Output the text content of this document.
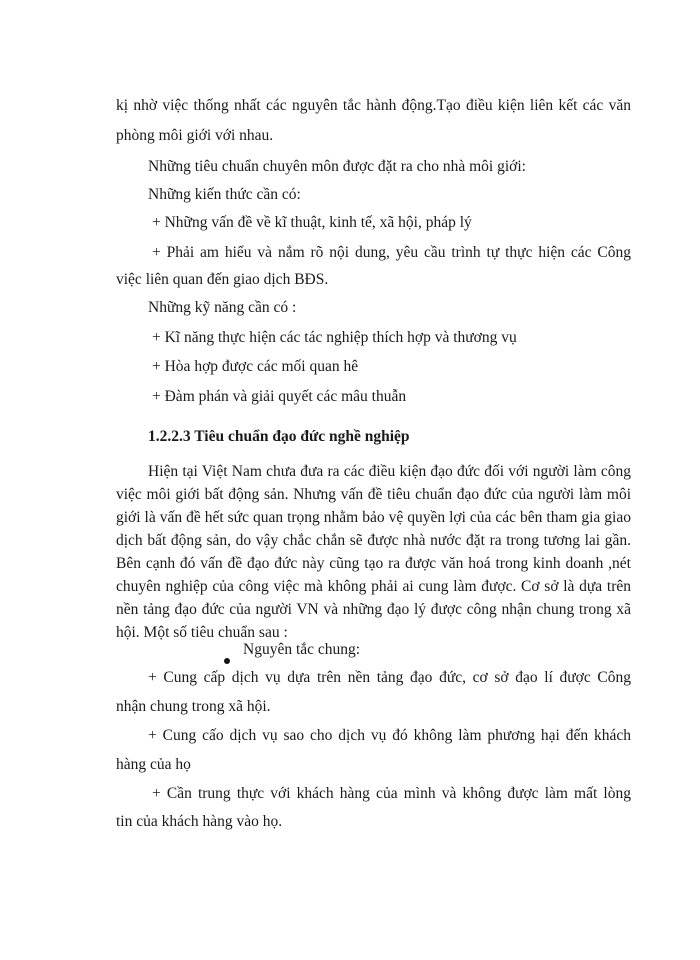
kị nhờ việc thống nhất các nguyên tắc hành động.Tạo điều kiện liên kết các văn
phòng môi giới với nhau.
Những tiêu chuẩn chuyên môn được đặt ra cho nhà môi giới:
Những kiến thức cần có:
+ Những vấn đề về kĩ thuật, kinh tế, xã hội, pháp lý
+ Phải am hiểu và nắm rõ nội dung, yêu cầu trình tự thực hiện các Công
việc liên quan đến giao dịch BĐS.
Những kỹ năng cần có :
+ Kĩ năng thực hiện các tác nghiệp thích hợp và thương vụ
+ Hòa hợp được các mối quan hê
+ Đàm phán và giải quyết các mâu thuẫn
1.2.2.3 Tiêu chuẩn đạo đức nghề nghiệp
Hiện tại Việt Nam chưa đưa ra các điều kiện đạo đức đối với người làm công
việc môi giới bất động sản. Nhưng vấn đề tiêu chuẩn đạo đức của người làm môi
giới là vấn đề hết sức quan trọng nhằm bảo vệ quyền lợi của các bên tham gia giao
dịch bất động sản, do vậy chắc chắn sẽ được nhà nước đặt ra trong tương lai gần.
Bên cạnh đó vấn đề đạo đức này cũng tạo ra được văn hoá trong kinh doanh ,nét
chuyên nghiệp của công việc mà không phải ai cung làm được. Cơ sở là dựa trên
nền tảng đạo đức của người VN và những đạo lý được công nhận chung trong xã
hội. Một số tiêu chuẩn sau :
Nguyên tắc chung:
+ Cung cấp dịch vụ dựa trên nền tảng đạo đức, cơ sở đạo lí được Công
nhận chung trong xã hội.
+ Cung cấo dịch vụ sao cho dịch vụ đó không làm phương hại đến khách
hàng của họ
+ Cần trung thực với khách hàng của mình và không được làm mất lòng
tin của khách hàng vào họ.
